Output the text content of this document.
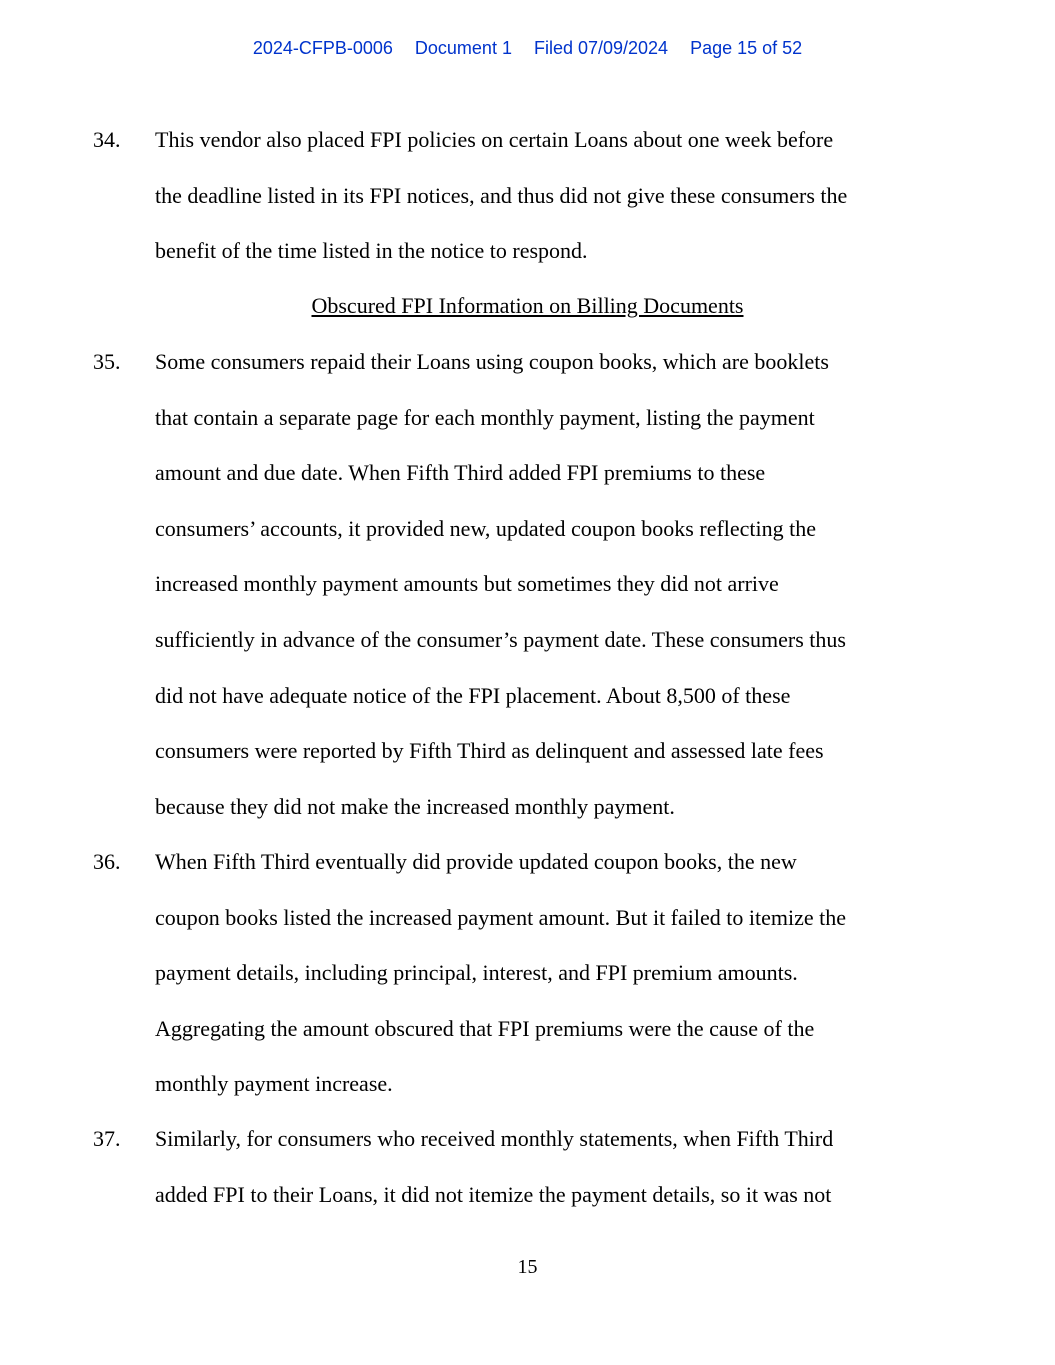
2024-CFPB-0006 Document 1 Filed 07/09/2024 Page 15 of 52
34. This vendor also placed FPI policies on certain Loans about one week before
the deadline listed in its FPI notices, and thus did not give these consumers the
benefit of the time listed in the notice to respond.
Obscured FPI Information on Billing Documents
35. Some consumers repaid their Loans using coupon books, which are booklets
that contain a separate page for each monthly payment, listing the payment
amount and due date. When Fifth Third added FPI premiums to these
consumers’ accounts, it provided new, updated coupon books reflecting the
increased monthly payment amounts but sometimes they did not arrive
sufficiently in advance of the consumer’s payment date. These consumers thus
did not have adequate notice of the FPI placement. About 8,500 of these
consumers were reported by Fifth Third as delinquent and assessed late fees
because they did not make the increased monthly payment.
36. When Fifth Third eventually did provide updated coupon books, the new
coupon books listed the increased payment amount. But it failed to itemize the
payment details, including principal, interest, and FPI premium amounts.
Aggregating the amount obscured that FPI premiums were the cause of the
monthly payment increase.
37. Similarly, for consumers who received monthly statements, when Fifth Third
added FPI to their Loans, it did not itemize the payment details, so it was not
15
